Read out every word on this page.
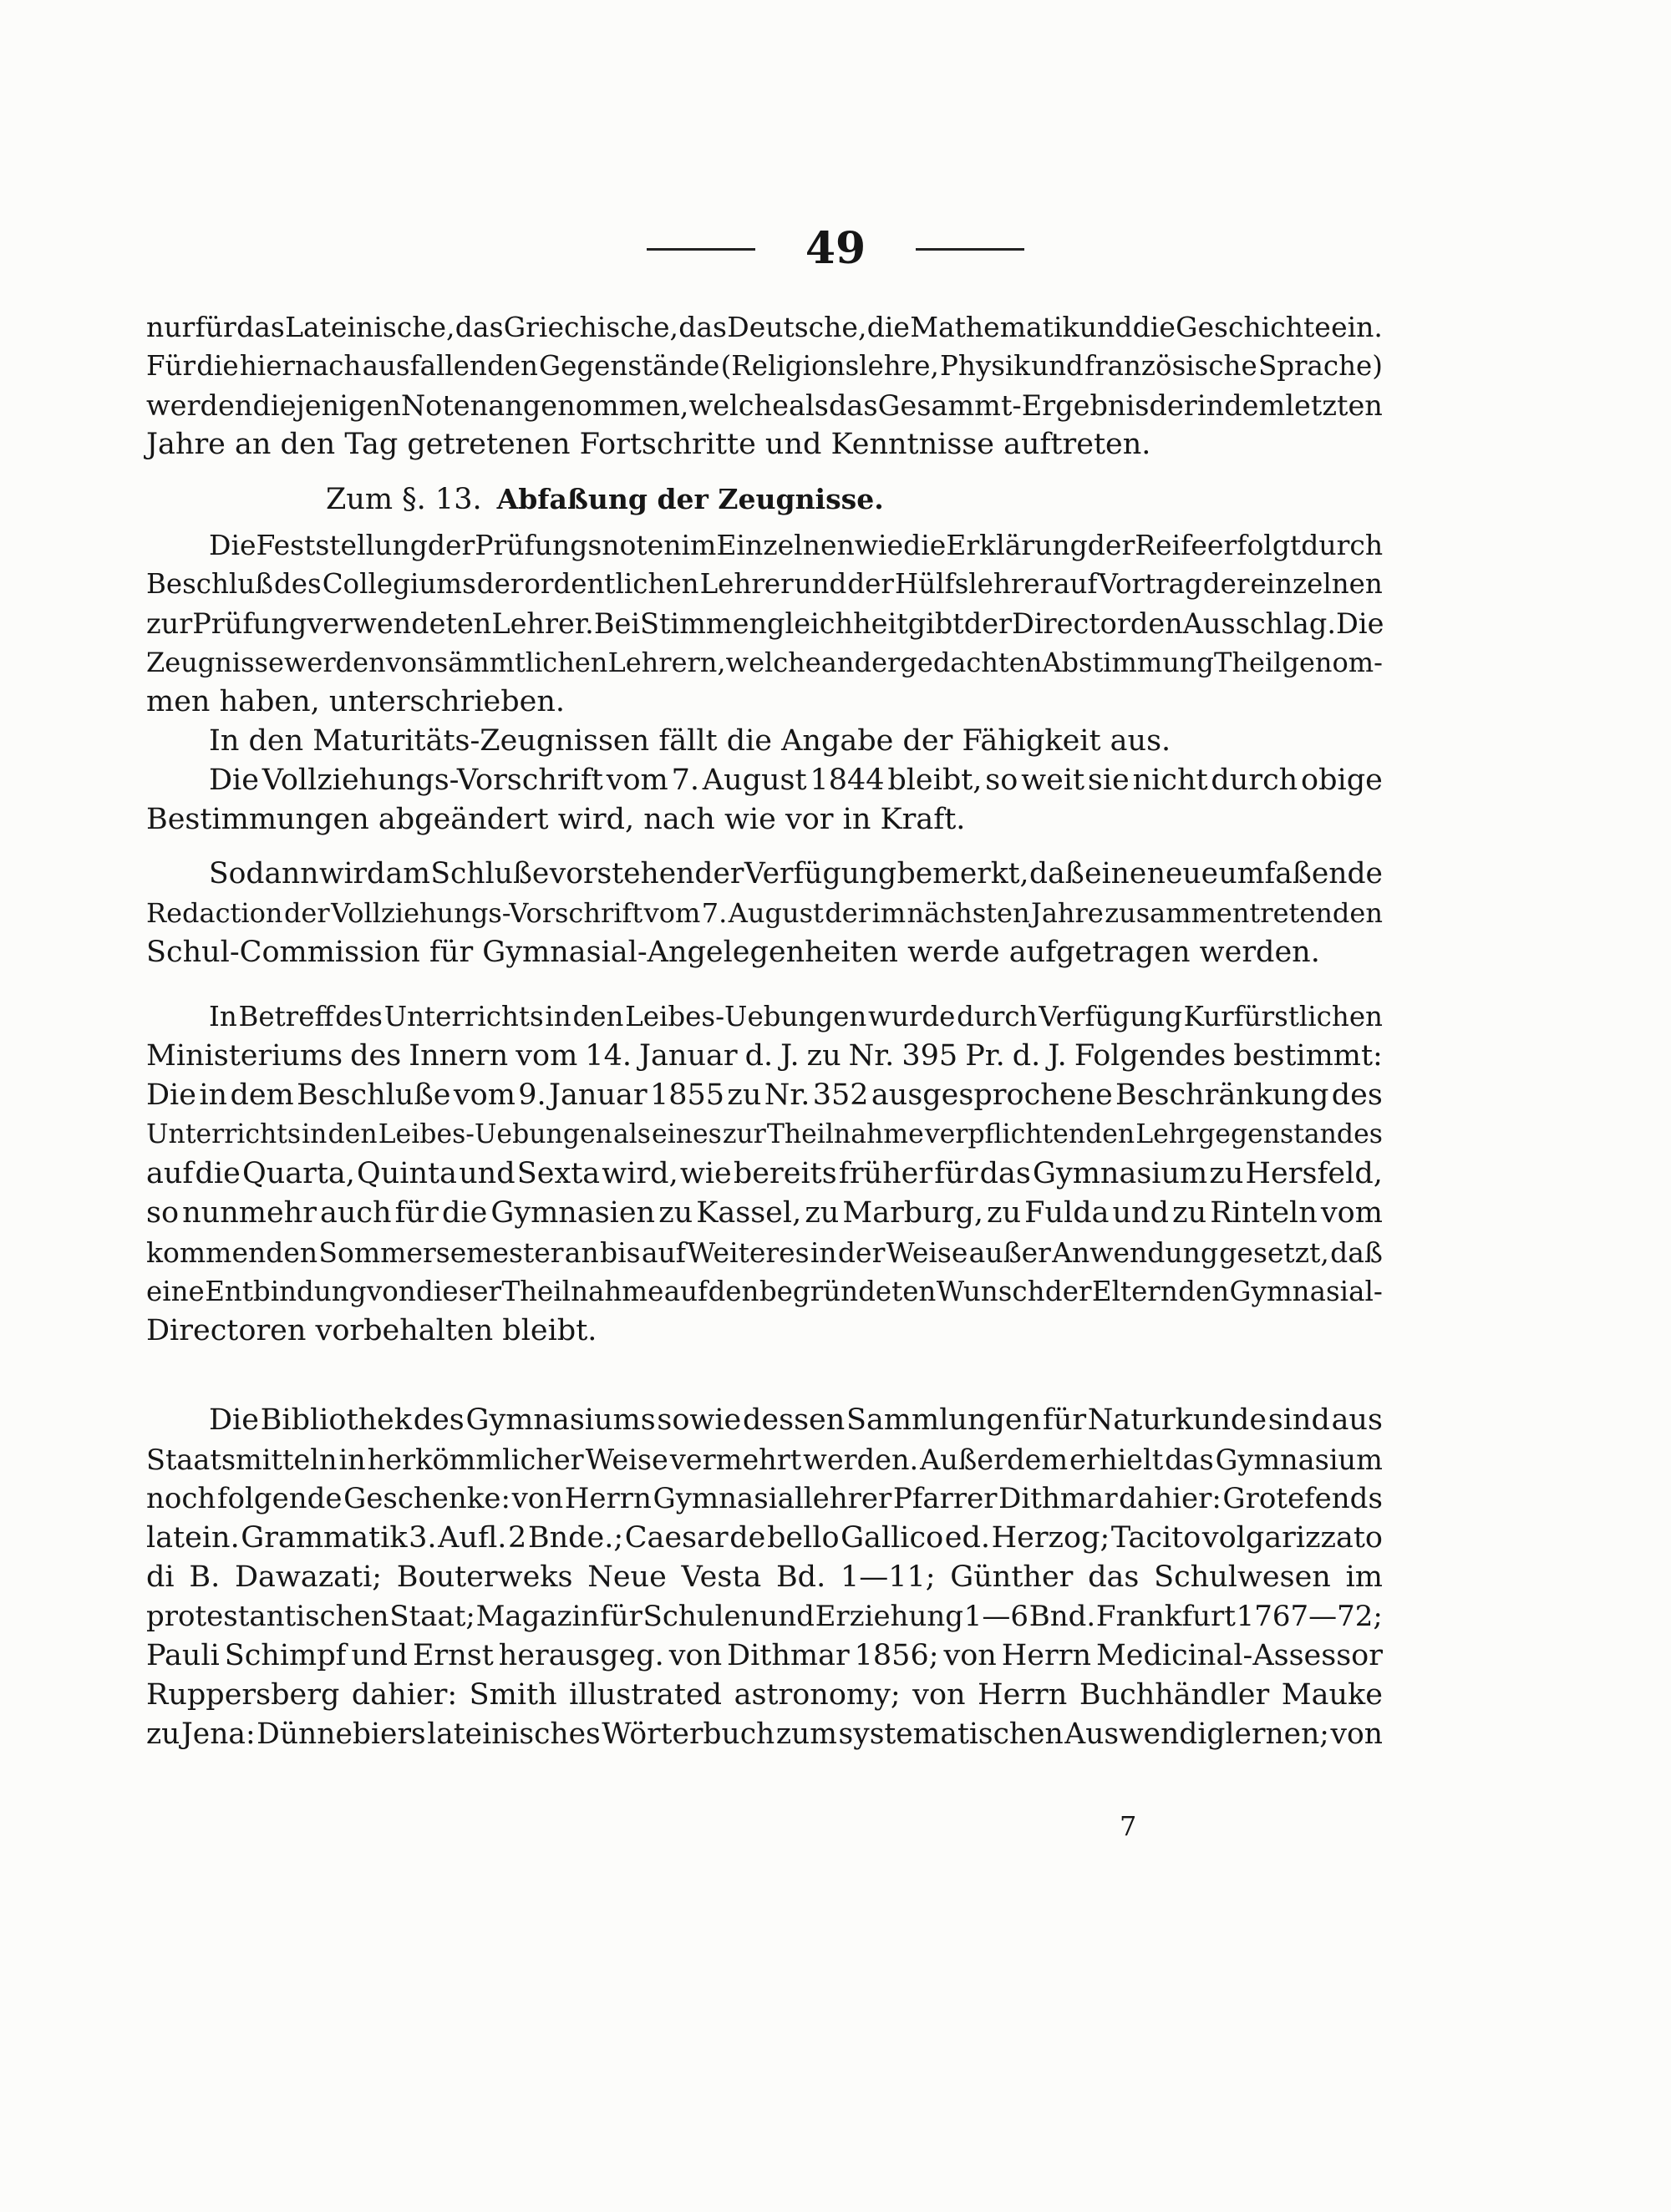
49
nur für das Lateinische, das Griechische, das Deutsche, die Mathematik und die Geschichte ein.
Für die hiernach ausfallenden Gegenstände (Religionslehre, Physik und französische Sprache)
werden diejenigen Noten angenommen, welche als das Gesammt-Ergebnis der in dem letzten
Jahre an den Tag getretenen Fortschritte und Kenntnisse auftreten.
Zum §. 13. Abfaßung der Zeugnisse.
Die Feststellung der Prüfungsnoten im Einzelnen wie die Erklärung der Reife erfolgt durch
Beschluß des Collegiums der ordentlichen Lehrer und der Hülfslehrer auf Vortrag der einzelnen
zur Prüfung verwendeten Lehrer. Bei Stimmengleichheit gibt der Director den Ausschlag. Die
Zeugnisse werden von sämmtlichen Lehrern, welche an der gedachten Abstimmung Theil genom-
men haben, unterschrieben.
In den Maturitäts-Zeugnissen fällt die Angabe der Fähigkeit aus.
Die Vollziehungs-Vorschrift vom 7. August 1844 bleibt, so weit sie nicht durch obige
Bestimmungen abgeändert wird, nach wie vor in Kraft.
Sodann wird am Schluße vorstehender Verfügung bemerkt, daß eine neue umfaßende
Redaction der Vollziehungs-Vorschrift vom 7. August der im nächsten Jahre zusammentretenden
Schul-Commission für Gymnasial-Angelegenheiten werde aufgetragen werden.
In Betreff des Unterrichts in den Leibes-Uebungen wurde durch Verfügung Kurfürstlichen
Ministeriums des Innern vom 14. Januar d. J. zu Nr. 395 Pr. d. J. Folgendes bestimmt:
Die in dem Beschluße vom 9. Januar 1855 zu Nr. 352 ausgesprochene Beschränkung des
Unterrichts in den Leibes-Uebungen als eines zur Theilnahme verpflichtenden Lehrgegenstandes
auf die Quarta, Quinta und Sexta wird, wie bereits früher für das Gymnasium zu Hersfeld,
so nunmehr auch für die Gymnasien zu Kassel, zu Marburg, zu Fulda und zu Rinteln vom
kommenden Sommersemester an bis auf Weiteres in der Weise außer Anwendung gesetzt, daß
eine Entbindung von dieser Theilnahme auf den begründeten Wunsch der Eltern den Gymnasial-
Directoren vorbehalten bleibt.
Die Bibliothek des Gymnasiums sowie dessen Sammlungen für Naturkunde sind aus
Staatsmitteln in herkömmlicher Weise vermehrt werden. Außerdem erhielt das Gymnasium
noch folgende Geschenke: von Herrn Gymnasiallehrer Pfarrer Dithmar dahier: Grotefends
latein. Grammatik 3. Aufl. 2 Bnde.; Caesar de bello Gallico ed. Herzog; Tacito volgarizzato
di B. Dawazati; Bouterweks Neue Vesta Bd. 1—11; Günther das Schulwesen im
protestantischen Staat; Magazin für Schulen und Erziehung 1—6 Bnd. Frankfurt 1767—72;
Pauli Schimpf und Ernst herausgeg. von Dithmar 1856; von Herrn Medicinal-Assessor
Ruppersberg dahier: Smith illustrated astronomy; von Herrn Buchhändler Mauke
zu Jena: Dünnebiers lateinisches Wörterbuch zum systematischen Auswendiglernen; von
7
